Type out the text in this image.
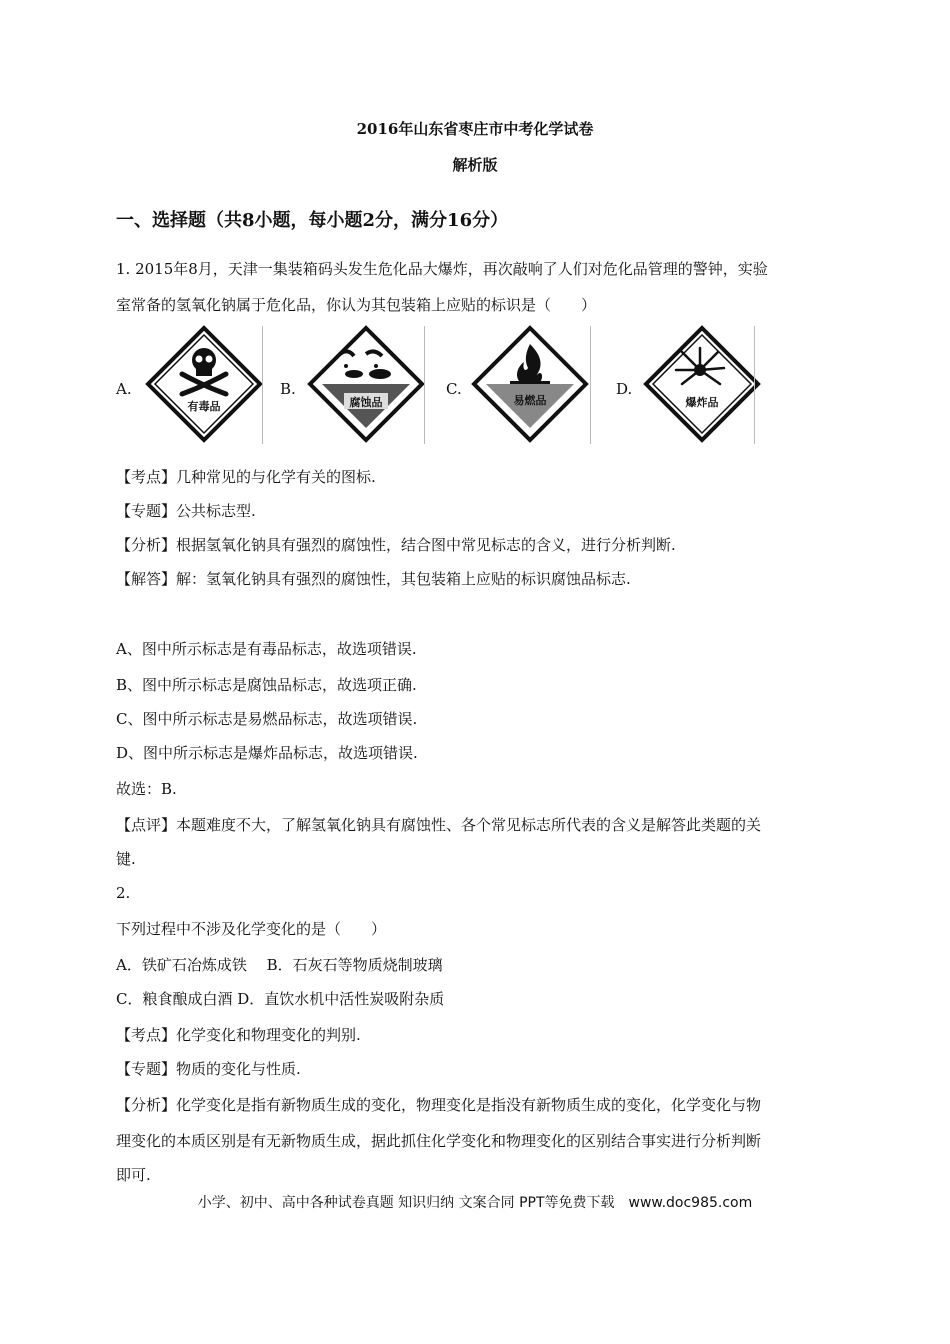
2016年山东省枣庄市中考化学试卷
解析版
一、选择题（共8小题，每小题2分，满分16分）
1. 2015年8月，天津一集装箱码头发生危化品大爆炸，再次敲响了人们对危化品管理的警钟，实验
室常备的氢氧化钠属于危化品，你认为其包装箱上应贴的标识是（　　）
A.
有毒品
B.
腐蚀品
C.
易燃品
D.
爆炸品
【考点】几种常见的与化学有关的图标.
【专题】公共标志型.
【分析】根据氢氧化钠具有强烈的腐蚀性，结合图中常见标志的含义，进行分析判断.
【解答】解：氢氧化钠具有强烈的腐蚀性，其包装箱上应贴的标识腐蚀品标志.
A、图中所示标志是有毒品标志，故选项错误.
B、图中所示标志是腐蚀品标志，故选项正确.
C、图中所示标志是易燃品标志，故选项错误.
D、图中所示标志是爆炸品标志，故选项错误.
故选：B.
【点评】本题难度不大，了解氢氧化钠具有腐蚀性、各个常见标志所代表的含义是解答此类题的关
键.
2.
下列过程中不涉及化学变化的是（　　）
A．铁矿石冶炼成铁　 B．石灰石等物质烧制玻璃
C．粮食酿成白酒 D．直饮水机中活性炭吸附杂质
【考点】化学变化和物理变化的判别.
【专题】物质的变化与性质.
【分析】化学变化是指有新物质生成的变化，物理变化是指没有新物质生成的变化，化学变化与物
理变化的本质区别是有无新物质生成，据此抓住化学变化和物理变化的区别结合事实进行分析判断
即可.
小学、初中、高中各种试卷真题 知识归纳 文案合同 PPT等免费下载　www.doc985.com
